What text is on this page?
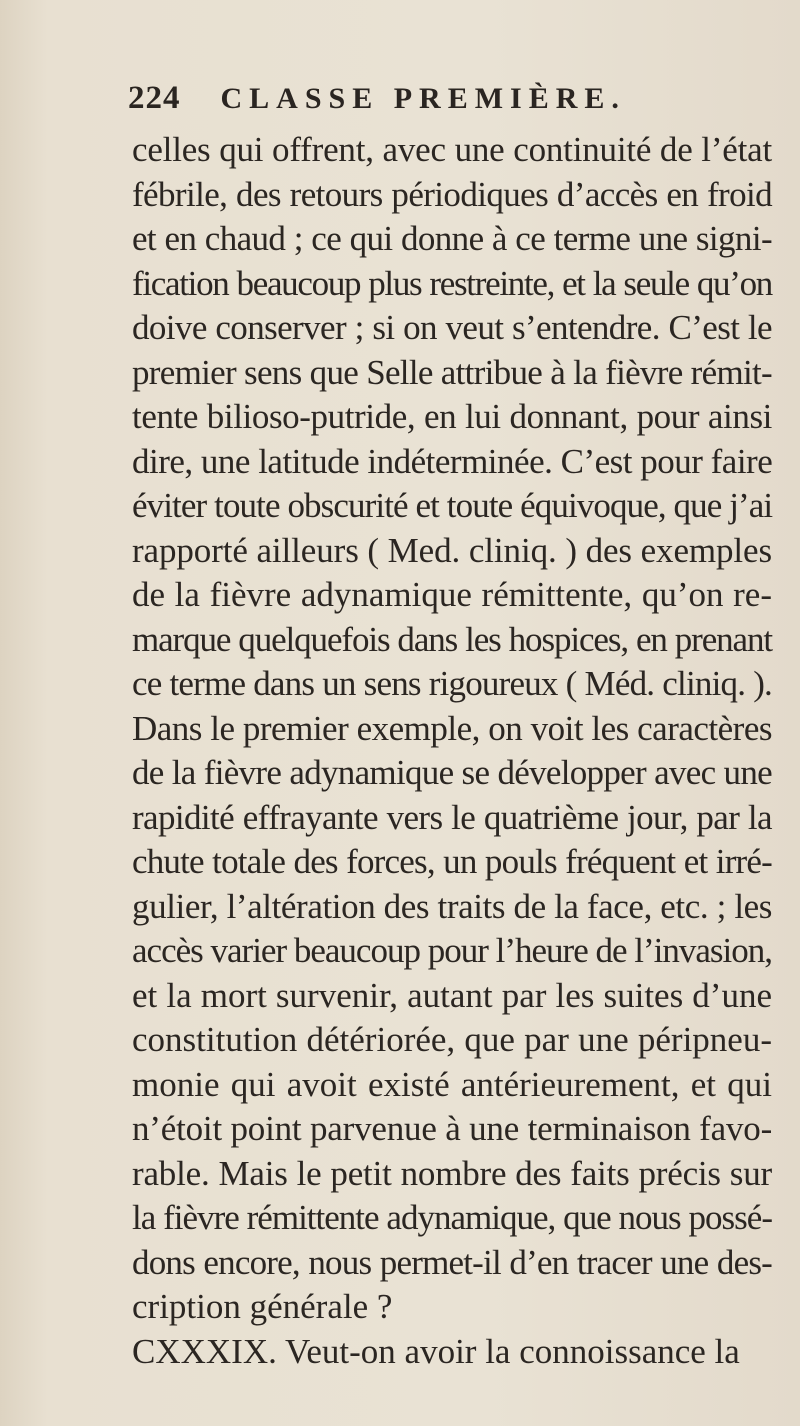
224 CLASSE PREMIÈRE.
celles qui offrent, avec une continuité de l’état
fébrile, des retours périodiques d’accès en froid
et en chaud ; ce qui donne à ce terme une signi-
fication beaucoup plus restreinte, et la seule qu’on
doive conserver ; si on veut s’entendre. C’est le
premier sens que Selle attribue à la fièvre rémit-
tente bilioso-putride, en lui donnant, pour ainsi
dire, une latitude indéterminée. C’est pour faire
éviter toute obscurité et toute équivoque, que j’ai
rapporté ailleurs ( Med. cliniq. ) des exemples
de la fièvre adynamique rémittente, qu’on re-
marque quelquefois dans les hospices, en prenant
ce terme dans un sens rigoureux ( Méd. cliniq. ).
Dans le premier exemple, on voit les caractères
de la fièvre adynamique se développer avec une
rapidité effrayante vers le quatrième jour, par la
chute totale des forces, un pouls fréquent et irré-
gulier, l’altération des traits de la face, etc. ; les
accès varier beaucoup pour l’heure de l’invasion,
et la mort survenir, autant par les suites d’une
constitution détériorée, que par une péripneu-
monie qui avoit existé antérieurement, et qui
n’étoit point parvenue à une terminaison favo-
rable. Mais le petit nombre des faits précis sur
la fièvre rémittente adynamique, que nous possé-
dons encore, nous permet-il d’en tracer une des-
cription générale ?
CXXXIX. Veut-on avoir la connoissance la
